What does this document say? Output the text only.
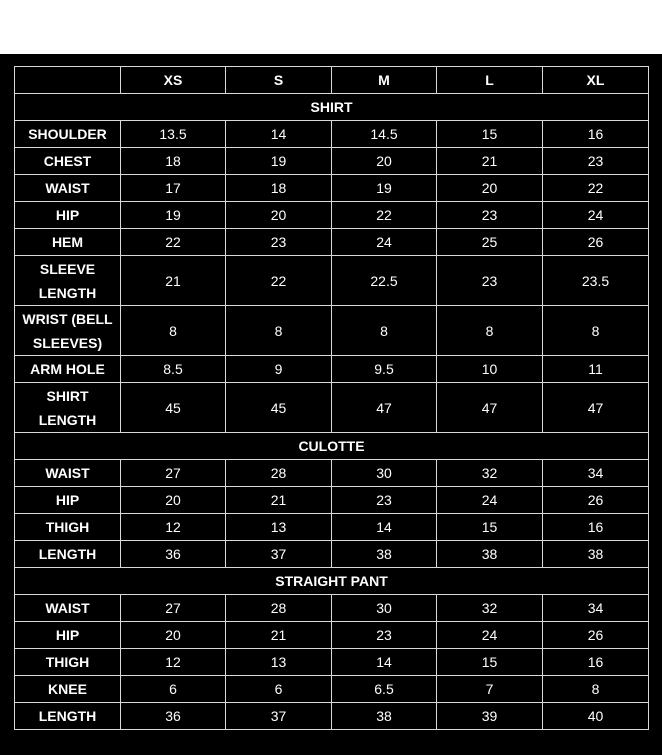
	XS	S	M	L	XL
SHIRT					
SHOULDER	13.5	14	14.5	15	16
CHEST	18	19	20	21	23
WAIST	17	18	19	20	22
HIP	19	20	22	23	24
HEM	22	23	24	25	26
SLEEVE LENGTH	21	22	22.5	23	23.5
WRIST (BELL SLEEVES)	8	8	8	8	8
ARM HOLE	8.5	9	9.5	10	11
SHIRT LENGTH	45	45	47	47	47
CULOTTE					
WAIST	27	28	30	32	34
HIP	20	21	23	24	26
THIGH	12	13	14	15	16
LENGTH	36	37	38	38	38
STRAIGHT PANT					
WAIST	27	28	30	32	34
HIP	20	21	23	24	26
THIGH	12	13	14	15	16
KNEE	6	6	6.5	7	8
LENGTH	36	37	38	39	40
